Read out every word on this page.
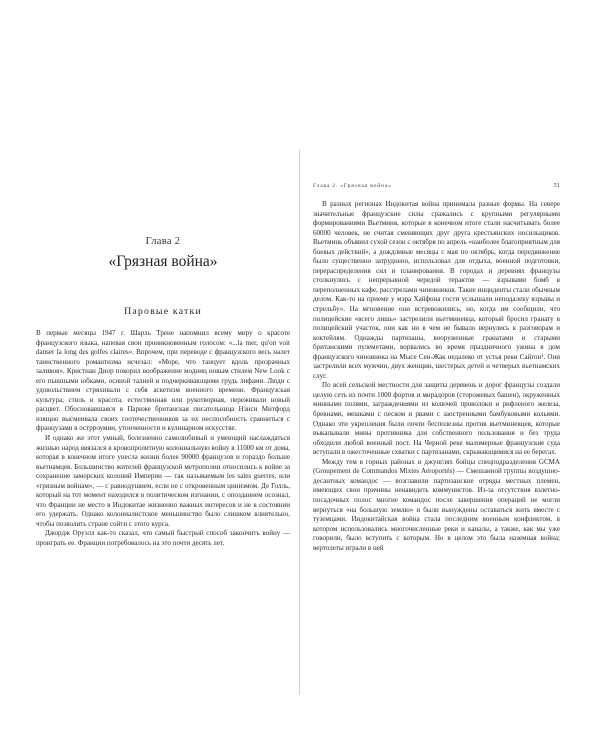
Глава 2
«Грязная война»
Паровые катки

В первые месяцы 1947 г. Шарль Трене напомнил всему миру о красоте французского языка, напевая свои проникновенным голосом: «...la mer, qu'on voit danser la long des golfes claires». Впрочем, при переводе с французского весь налет таинственного романтизма исчезал: «Море, что танцует вдоль прозрачных заливов». Кристиан Диор покорил воображение модниц новым стилем New Look с его пышными юбками, осиной талией и подчеркивающими грудь лифами. Люди с удовольствием стряхивали с себя аскетизм военного времени. Французская культура, стиль и красота, естественная или рукотворная, переживали новый расцвет. Обосновавшаяся в Париже британская писательница Нэнси Митфорд изящно высмеивала своих соотечественников за их неспособность сравниться с французами в острроумии, утонченности и кулинарном искусстве.

И однако же этот умный, болезненно самолюбивый и умеющий наслаждаться жизнью народ ввязался в кровопролитную колониальную войну в 11000 км от дома, которая в конечном итоге унесла жизни более 90000 французов и гораздо больше вьетнамцев. Большинство жителей французской метрополии относились к войне за сохранение заморских колоний Империи — так называемым les sales guerres, или «грязным войнам», — с равнодушием, если не с откровенным цинизмом. Де Голль, который на тот момент находился в политическом изгнании, с опозданием осознал, что Франции не место в Индокитае жизненно важных интересов и не в состоянии его удержать. Однако колониалистское меньшинство было слишком влиятельно, чтобы позволить стране сойти с этого курса.

Джордж Оруэлл как-то сказал, что самый быстрый способ закончить войну — проиграть ее. Франции потребовалось на это почти десять лет.

Глава 2. «Грязная война»	51

В разных регионах Индокитая война принимала разные формы. На севере значительные французские силы сражались с крупными регулярными формированиями Вьетминя, которые в конечном итоге стали насчитывать более 60000 человек, не считая сменяющих друг друга крестьянских носильщиков. Вьетминь объявил сухой сезон с октября по апрель «наиболее благоприятным для боевых действий», а дождливые месяцы с мая по октябрь, когда передвижение было существенно затруднено, использовал для отдыха, военной подготовки, перераспределения сил и планирования. В городах и деревнях французы столкнулись с непрерывной чередой терактов — взрывами бомб в переполненных кафе, расстрелами чиновников. Такие инциденты стали обычным делом. Как-то на приеме у мэра Хайфона гости услышали неподалеку взрывы и стрельбу». На мгновение они встревожились, но, когда им сообщили, что полицейские «всего лишь» застрелили вьетминевца, который бросил гранату в полицейский участок, они как ни в чем не бывало вернулись к разговорам и коктейлям. Однажды партизаны, вооруженные гранатами и старыми британскими пулеметами, ворвались во время праздничного ужина в дом французского чиновника на Мысе Сен-Жак недалеко от устья реки Сайгон¹. Они застрелили всех мужчин, двух женщин, шестерых детей и четверых вьетнамских слуг.

По всей сельской местности для защиты деревень и дорог французы создали целую сеть из почти 1000 фортов и мирадоров (сторожевых башен), окруженных минными полями, заграждениями из колючей проволоки и рифленого железа, бревнами, мешками с песком и рвами с заостренными бамбуковыми кольями. Однако эти укрепления были почти бесполезны против вьетминевцев, которые выкапывали мины противника для собственного пользования и без труда обходили любой военный пост. На Черной реке маломерные французские суда вступали в ожесточенные схватки с партизанами, скрывающимися на ее берегах.

Между тем в горных районах и джунглях бойцы спецподразделения GCMA (Groupement de Commandos Mixtes Aéroportés) — Смешанной группы воздушно-десантных командос — возглавили партизанские отряды местных племен, имеющих свои причины ненавидеть коммунистов. Из-за отсутствия взлетно-посадочных полос многие командос после завершения операций не могли вернуться «на большую землю» и были вынуждены оставаться жить вместе с туземцами. Индокитайская война стала последним военным конфликтом, в котором использовались многочисленные реки и каналы, а также, как мы уже говорили, было вступить с которым. Но в целом это была наземная война; вертолеты играли в ней
